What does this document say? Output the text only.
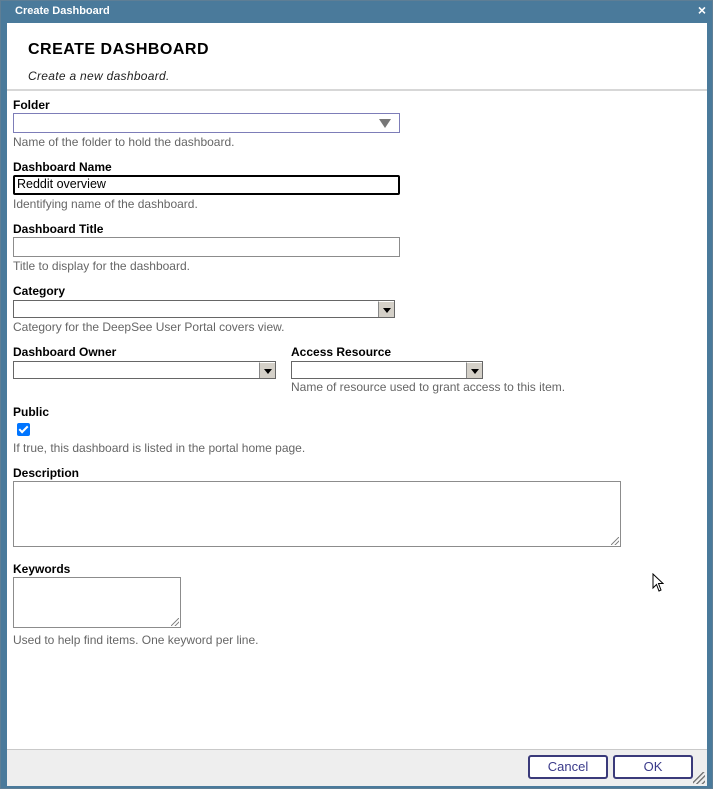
Create Dashboard	×
CREATE DASHBOARD
Create a new dashboard.
Folder
Name of the folder to hold the dashboard.
Dashboard Name
Reddit overview
Identifying name of the dashboard.
Dashboard Title
Title to display for the dashboard.
Category
Category for the DeepSee User Portal covers view.
Dashboard Owner	Access Resource
Name of resource used to grant access to this item.
Public
If true, this dashboard is listed in the portal home page.
Description
Keywords
Used to help find items. One keyword per line.
Cancel	OK
